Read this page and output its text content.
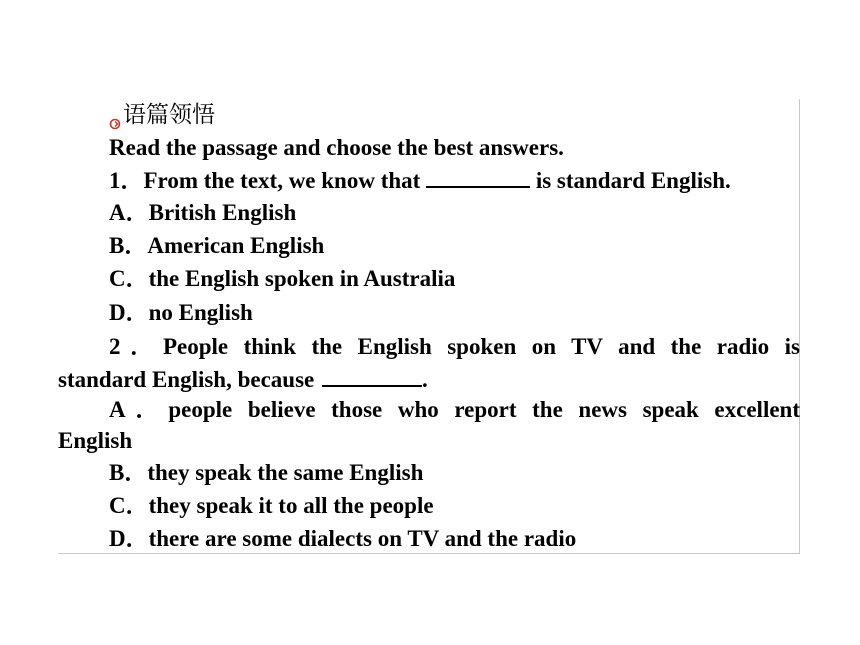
语篇领悟
Read the passage and choose the best answers.
1．From the text, we know that	is standard English.
A．British English
B．American English
C．the English spoken in Australia
D．no English
2．People think the English spoken on TV and the radio is
standard English, because	.
A．people believe those who report the news speak excellent
English
B．they speak the same English
C．they speak it to all the people
D．there are some dialects on TV and the radio
